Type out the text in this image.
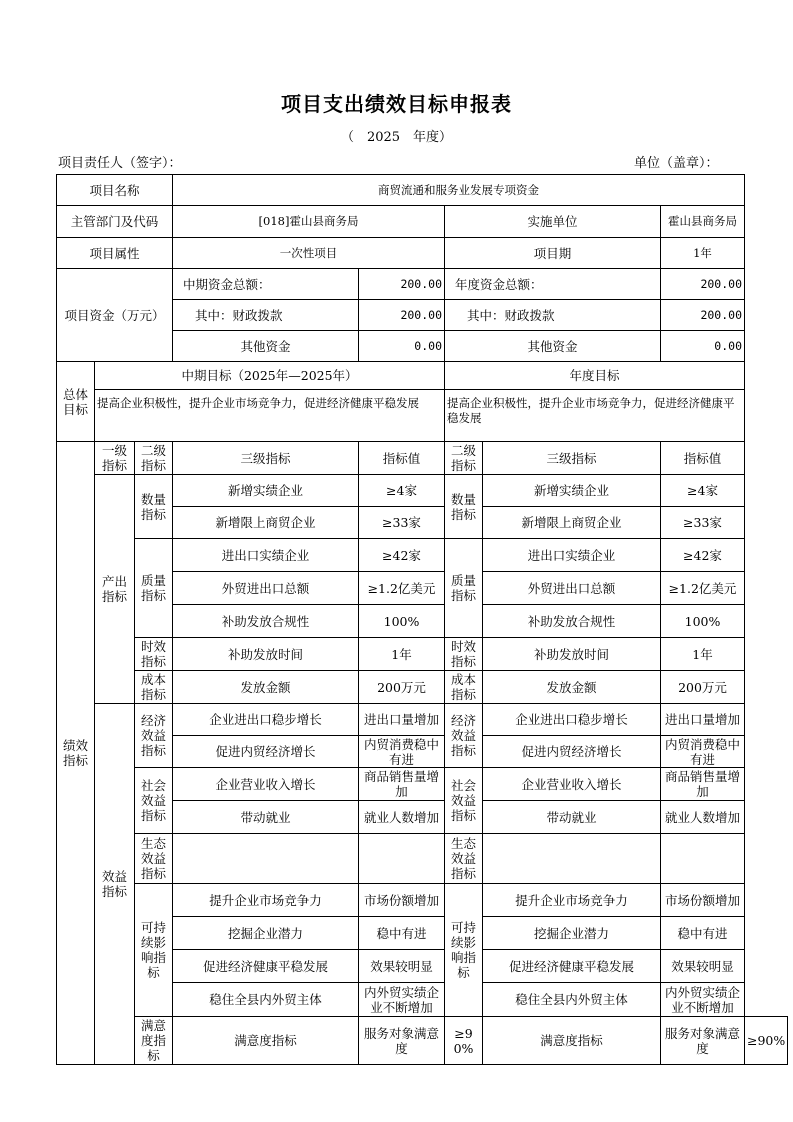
项目支出绩效目标申报表
（　2025　年度）
项目责任人（签字）：	单位（盖章）：
项目名称			商贸流通和服务业发展专项资金					
主管部门及代码			[018]霍山县商务局		实施单位		霍山县商务局	
项目属性			一次性项目		项目期		1年	
项目资金（万元）			中期资金总额：	200.00	年度资金总额：		200.00	
			其中：财政拨款	200.00	其中：财政拨款		200.00	
			其他资金	0.00	其他资金		0.00	
总体目标	中期目标（2025年—2025年）				年度目标			
	提高企业积极性，提升企业市场竞争力，促进经济健康平稳发展				提高企业积极性，提升企业市场竞争力，促进经济健康平稳发展			
绩效指标	一级指标	二级指标	三级指标	指标值	二级指标	三级指标	指标值	
	产出指标	数量指标	新增实绩企业	≥4家	数量指标	新增实绩企业	≥4家	
			新增限上商贸企业	≥33家		新增限上商贸企业	≥33家	
		质量指标	进出口实绩企业	≥42家	质量指标	进出口实绩企业	≥42家	
			外贸进出口总额	≥1.2亿美元		外贸进出口总额	≥1.2亿美元	
			补助发放合规性	100%		补助发放合规性	100%	
		时效指标	补助发放时间	1年	时效指标	补助发放时间	1年	
		成本指标	发放金额	200万元	成本指标	发放金额	200万元	
	效益指标	经济效益指标	企业进出口稳步增长	进出口量增加	经济效益指标	企业进出口稳步增长	进出口量增加	
			促进内贸经济增长	内贸消费稳中有进		促进内贸经济增长	内贸消费稳中有进	
		社会效益指标	企业营业收入增长	商品销售量增加	社会效益指标	企业营业收入增长	商品销售量增加	
			带动就业	就业人数增加		带动就业	就业人数增加	
		生态效益指标			生态效益指标			
		可持续影响指标	提升企业市场竞争力	市场份额增加	可持续影响指标	提升企业市场竞争力	市场份额增加	
			挖掘企业潜力	稳中有进		挖掘企业潜力	稳中有进	
			促进经济健康平稳发展	效果较明显		促进经济健康平稳发展	效果较明显	
			稳住全县内外贸主体	内外贸实绩企业不断增加		稳住全县内外贸主体	内外贸实绩企业不断增加	
		满意度指标	满意度指标	服务对象满意度	≥90%	满意度指标	服务对象满意度	≥90%
